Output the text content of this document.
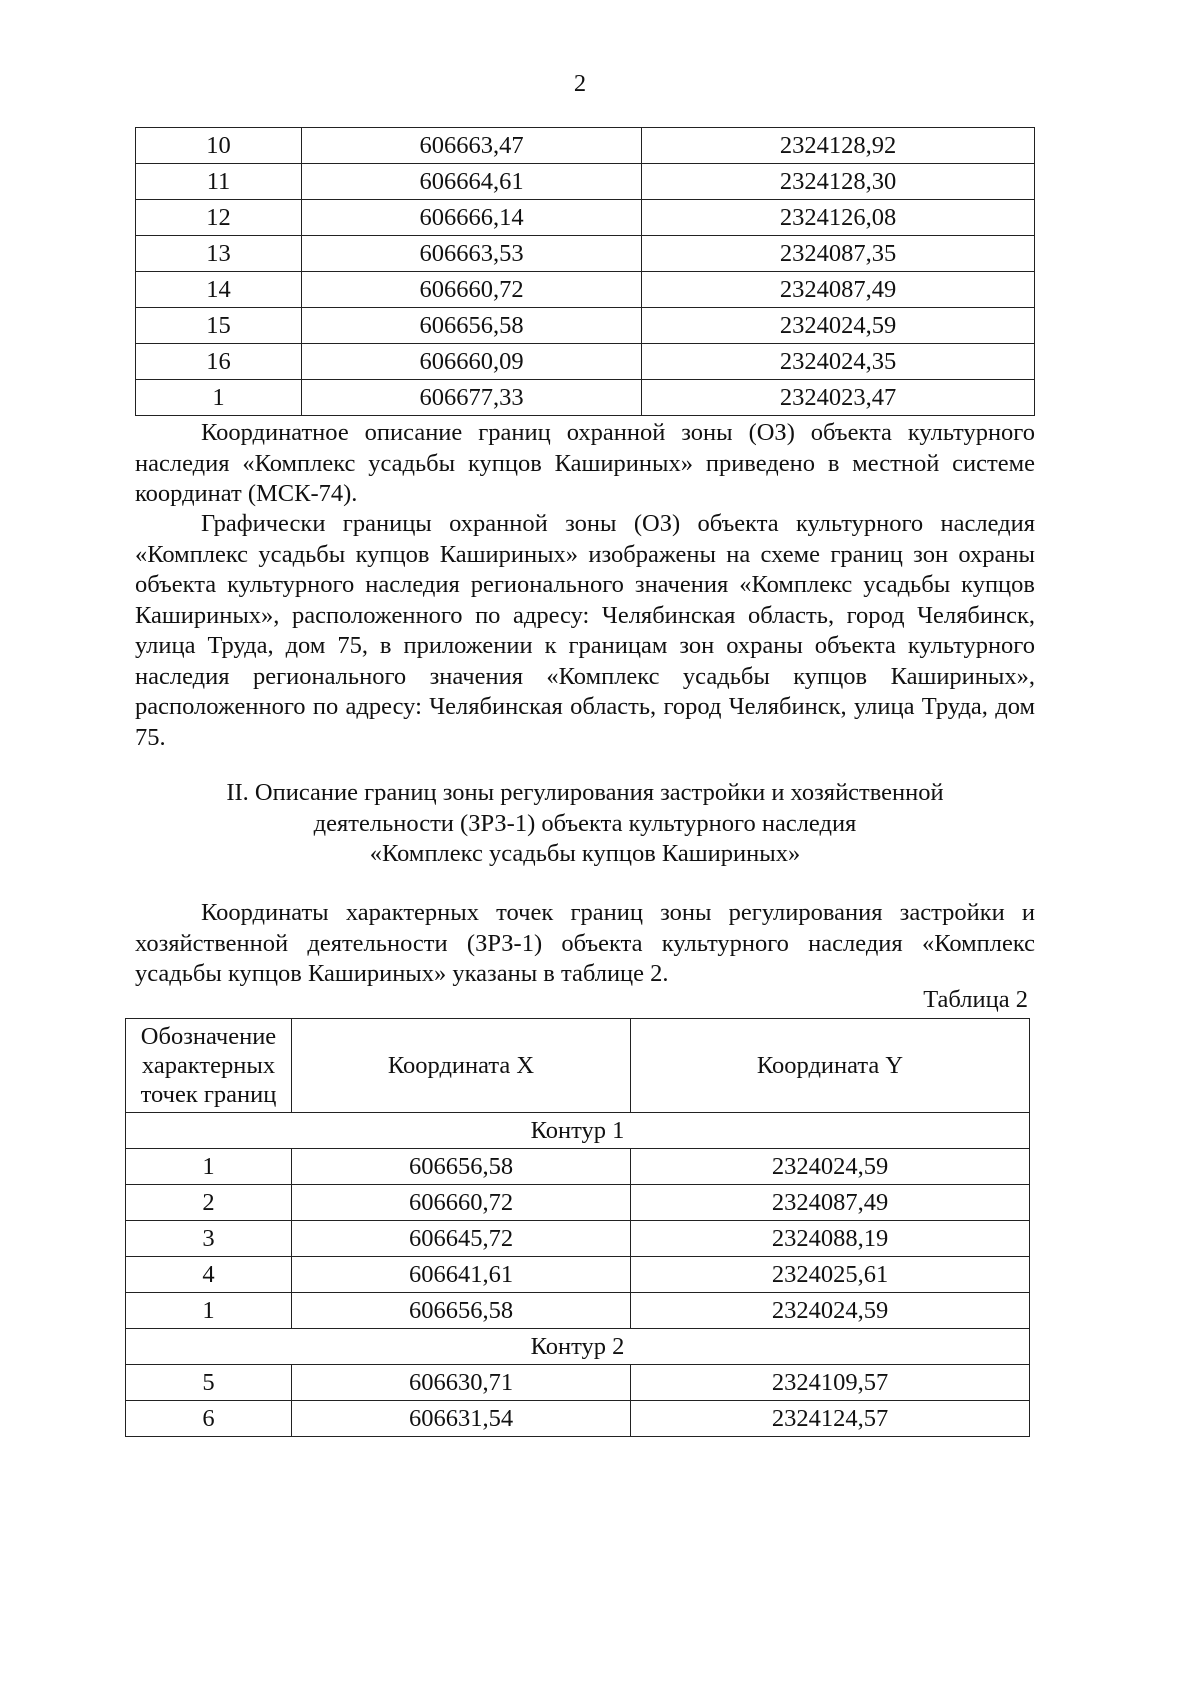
2
10	606663,47	2324128,92
11	606664,61	2324128,30
12	606666,14	2324126,08
13	606663,53	2324087,35
14	606660,72	2324087,49
15	606656,58	2324024,59
16	606660,09	2324024,35
1	606677,33	2324023,47
Координатное описание границ охранной зоны (ОЗ) объекта культурного наследия «Комплекс усадьбы купцов Кашириных» приведено в местной системе координат (МСК-74).
Графически границы охранной зоны (ОЗ) объекта культурного наследия «Комплекс усадьбы купцов Кашириных» изображены на схеме границ зон охраны объекта культурного наследия регионального значения «Комплекс усадьбы купцов Кашириных», расположенного по адресу: Челябинская область, город Челябинск, улица Труда, дом 75, в приложении к границам зон охраны объекта культурного наследия регионального значения «Комплекс усадьбы купцов Кашириных», расположенного по адресу: Челябинская область, город Челябинск, улица Труда, дом 75.
II. Описание границ зоны регулирования застройки и хозяйственной
деятельности (ЗРЗ-1) объекта культурного наследия
«Комплекс усадьбы купцов Кашириных»
Координаты характерных точек границ зоны регулирования застройки и хозяйственной деятельности (ЗРЗ-1) объекта культурного наследия «Комплекс усадьбы купцов Кашириных» указаны в таблице 2.
Таблица 2
Обозначение характерных точек границ	Координата X	Координата Y
Контур 1		
1	606656,58	2324024,59
2	606660,72	2324087,49
3	606645,72	2324088,19
4	606641,61	2324025,61
1	606656,58	2324024,59
Контур 2		
5	606630,71	2324109,57
6	606631,54	2324124,57
